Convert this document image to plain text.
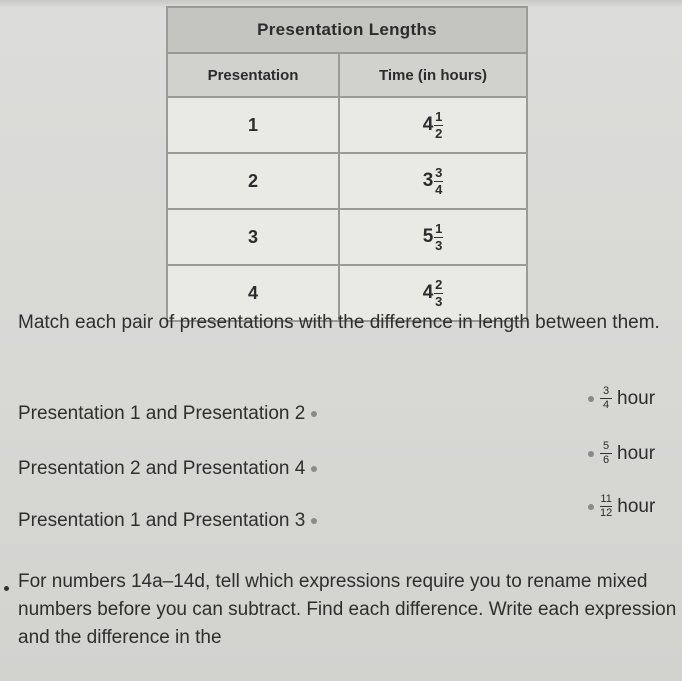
Presentation Lengths	
Presentation	Time (in hours)
1	$4 \frac{1}{2}$

2	$3 \frac{3}{4}$

3	$5 \frac{1}{3}$

4	$4 \frac{2}{3}$
Match each pair of presentations with the difference in length between them.
Presentation 1 and Presentation 2
Presentation 2 and Presentation 4
Presentation 1 and Presentation 3
$\frac{3}{4}$ hour
$\frac{5}{6}$ hour
$\frac{11}{12}$ hour
For numbers 14a–14d, tell which expressions require you to rename mixed numbers before you can subtract. Find each difference. Write each expression and the difference in the
